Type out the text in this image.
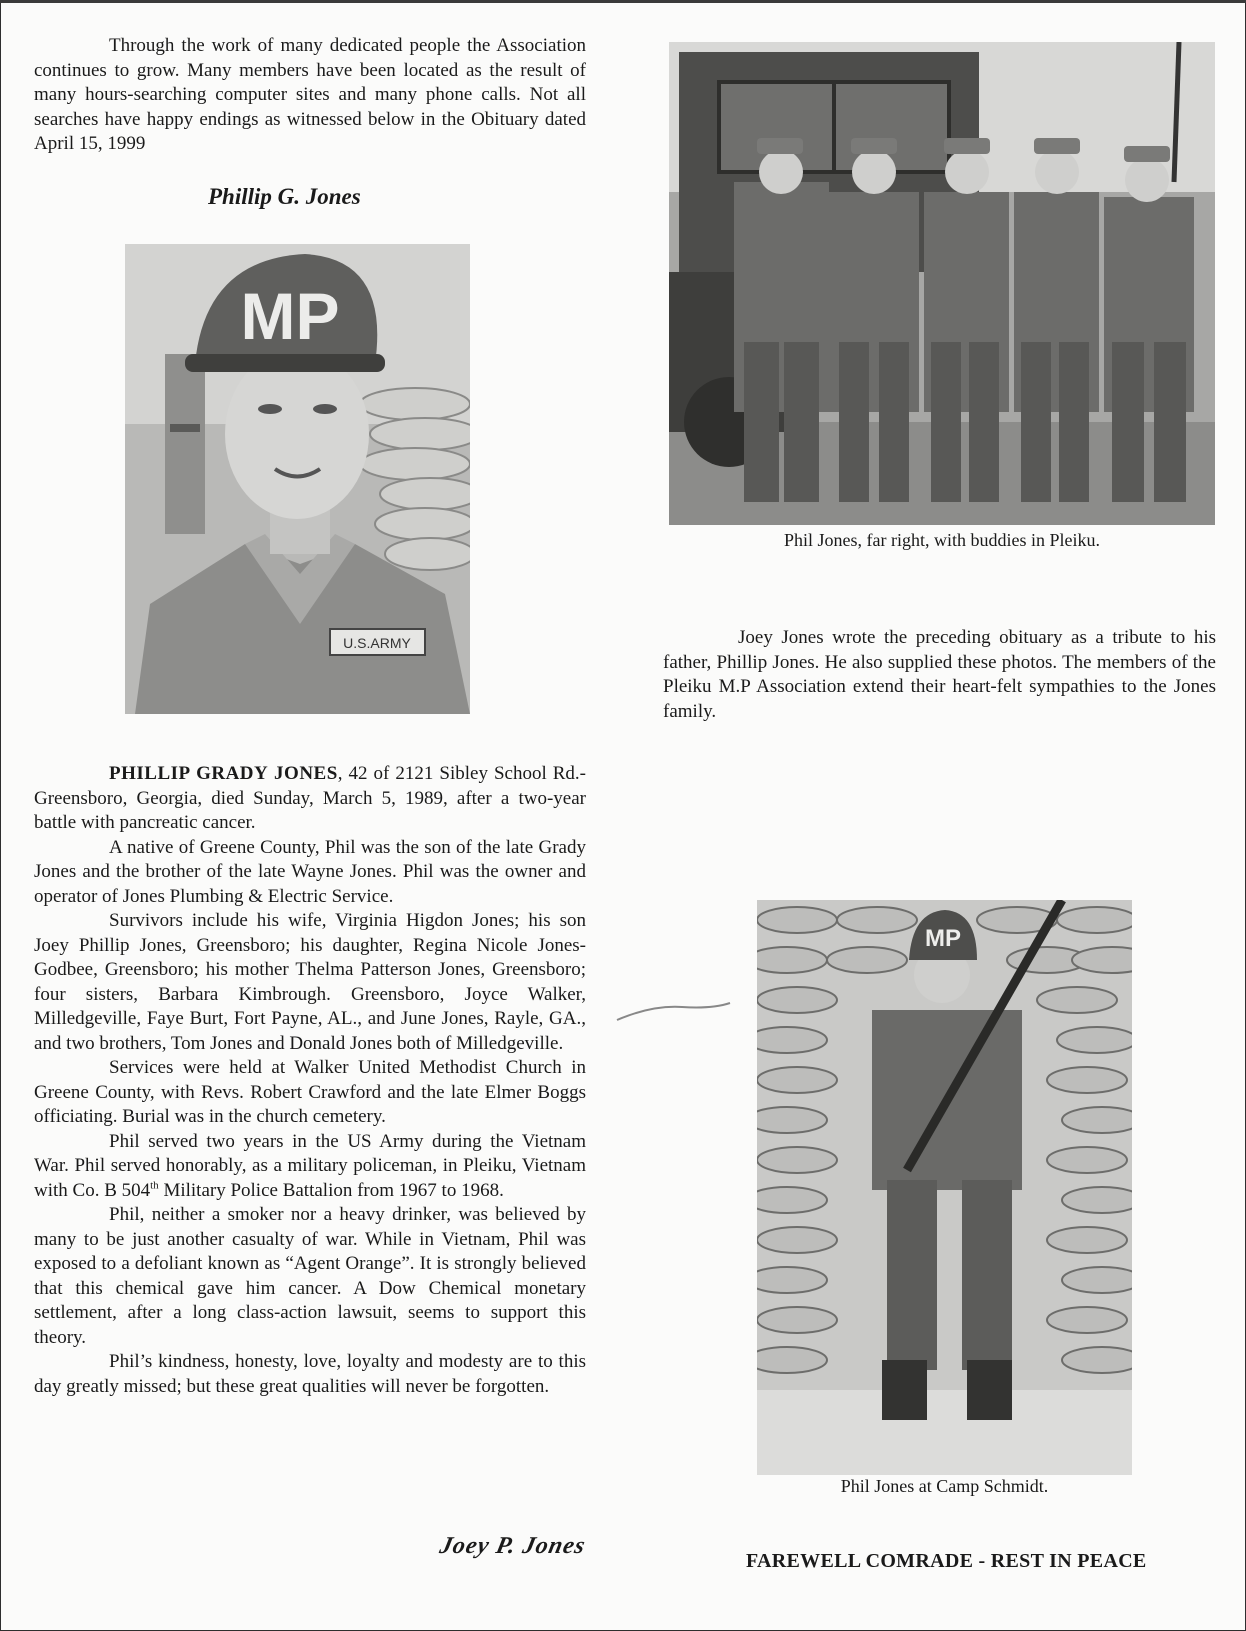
Through the work of many dedicated people the Association continues to grow. Many members have been located as the result of many hours-searching computer sites and many phone calls. Not all searches have happy endings as witnessed below in the Obituary dated April 15, 1999

Phillip G. Jones

U.S.ARMY
MP

Phil Jones, far right, with buddies in Pleiku.

Joey Jones wrote the preceding obituary as a tribute to his father, Phillip Jones. He also supplied these photos. The members of the Pleiku M.P Association extend their heart-felt sympathies to the Jones family.

PHILLIP GRADY JONES, 42 of 2121 Sibley School Rd.- Greensboro, Georgia, died Sunday, March 5, 1989, after a two-year battle with pancreatic cancer.

A native of Greene County, Phil was the son of the late Grady Jones and the brother of the late Wayne Jones. Phil was the owner and operator of Jones Plumbing & Electric Service.

Survivors include his wife, Virginia Higdon Jones; his son Joey Phillip Jones, Greensboro; his daughter, Regina Nicole Jones-Godbee, Greensboro; his mother Thelma Patterson Jones, Greensboro; four sisters, Barbara Kimbrough. Greensboro, Joyce Walker, Milledgeville, Faye Burt, Fort Payne, AL., and June Jones, Rayle, GA., and two brothers, Tom Jones and Donald Jones both of Milledgeville.

Services were held at Walker United Methodist Church in Greene County, with Revs. Robert Crawford and the late Elmer Boggs officiating. Burial was in the church cemetery.

Phil served two years in the US Army during the Vietnam War. Phil served honorably, as a military policeman, in Pleiku, Vietnam with Co. B 504th Military Police Battalion from 1967 to 1968.

Phil, neither a smoker nor a heavy drinker, was believed by many to be just another casualty of war. While in Vietnam, Phil was exposed to a defoliant known as “Agent Orange”. It is strongly believed that this chemical gave him cancer. A Dow Chemical monetary settlement, after a long class-action lawsuit, seems to support this theory.

Phil’s kindness, honesty, love, loyalty and modesty are to this day greatly missed; but these great qualities will never be forgotten.

Joey P. Jones
MP

Phil Jones at Camp Schmidt.

FAREWELL COMRADE - REST IN PEACE
